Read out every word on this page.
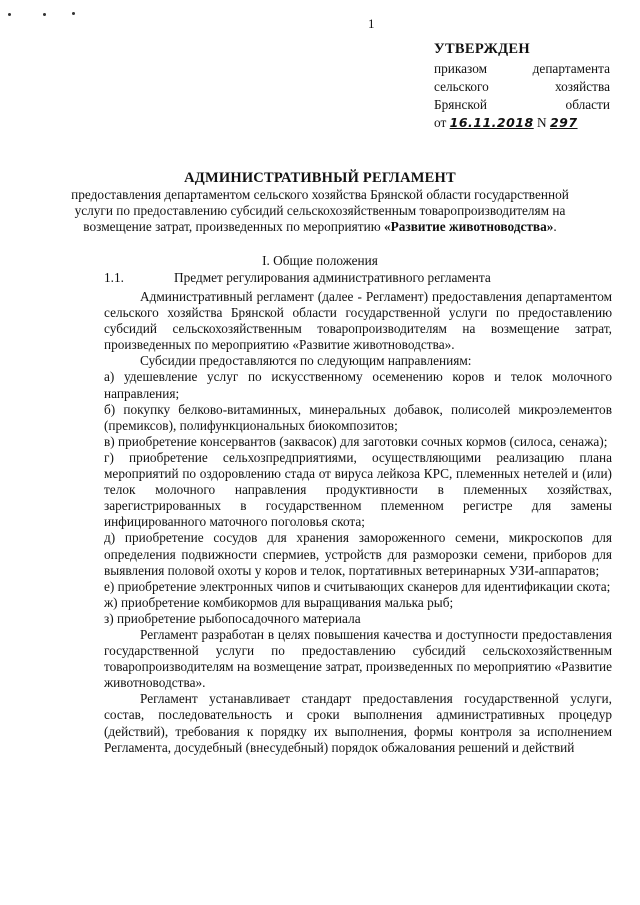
1
УТВЕРЖДЕН
приказом департамента
сельского хозяйства
Брянской области
от 16.11.2018 N 297
АДМИНИСТРАТИВНЫЙ РЕГЛАМЕНТ
предоставления департаментом сельского хозяйства Брянской области государственной услуги по предоставлению субсидий сельскохозяйственным товаропроизводителям на возмещение затрат, произведенных по мероприятию «Развитие животноводства».
I. Общие положения
1.1.	Предмет регулирования административного регламента

Административный регламент (далее - Регламент) предоставления департаментом сельского хозяйства Брянской области государственной услуги по предоставлению субсидий сельскохозяйственным товаропроизводителям на возмещение затрат, произведенных по мероприятию «Развитие животноводства».

Субсидии предоставляются по следующим направлениям:

а) удешевление услуг по искусственному осеменению коров и телок молочного направления;

б) покупку белково-витаминных, минеральных добавок, полисолей микроэлементов (премиксов), полифункциональных биокомпозитов;

в) приобретение консервантов (заквасок) для заготовки сочных кормов (силоса, сенажа);

г) приобретение сельхозпредприятиями, осуществляющими реализацию плана мероприятий по оздоровлению стада от вируса лейкоза КРС, племенных нетелей и (или) телок молочного направления продуктивности в племенных хозяйствах, зарегистрированных в государственном племенном регистре для замены инфицированного маточного поголовья скота;

д) приобретение сосудов для хранения замороженного семени, микроскопов для определения подвижности спермиев, устройств для разморозки семени, приборов для выявления половой охоты у коров и телок, портативных ветеринарных УЗИ-аппаратов;

е) приобретение электронных чипов и считывающих сканеров для идентификации скота;

ж) приобретение комбикормов для выращивания малька рыб;

з) приобретение рыбопосадочного материала

Регламент разработан в целях повышения качества и доступности предоставления государственной услуги по предоставлению субсидий сельскохозяйственным товаропроизводителям на возмещение затрат, произведенных по мероприятию «Развитие животноводства».

Регламент устанавливает стандарт предоставления государственной услуги, состав, последовательность и сроки выполнения административных процедур (действий), требования к порядку их выполнения, формы контроля за исполнением Регламента, досудебный (внесудебный) порядок обжалования решений и действий
